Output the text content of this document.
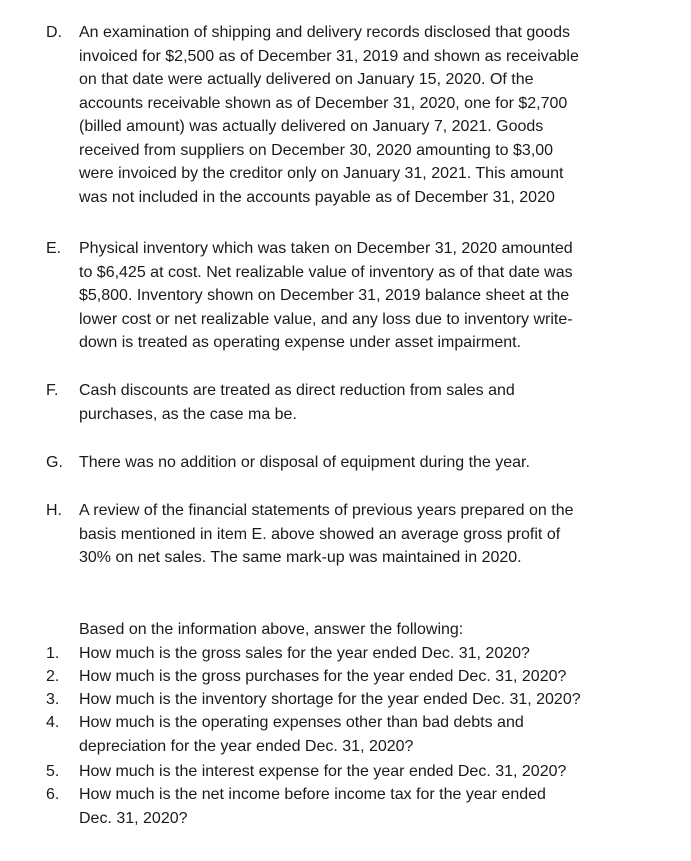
D.	An examination of shipping and delivery records disclosed that goods
invoiced for $2,500 as of December 31, 2019 and shown as receivable
on that date were actually delivered on January 15, 2020. Of the
accounts receivable shown as of December 31, 2020, one for $2,700
(billed amount) was actually delivered on January 7, 2021. Goods
received from suppliers on December 30, 2020 amounting to $3,00
were invoiced by the creditor only on January 31, 2021. This amount
was not included in the accounts payable as of December 31, 2020
E.	Physical inventory which was taken on December 31, 2020 amounted
to $6,425 at cost. Net realizable value of inventory as of that date was
$5,800. Inventory shown on December 31, 2019 balance sheet at the
lower cost or net realizable value, and any loss due to inventory write-
down is treated as operating expense under asset impairment.
F.	Cash discounts are treated as direct reduction from sales and
purchases, as the case ma be.
G.	There was no addition or disposal of equipment during the year.
H.	A review of the financial statements of previous years prepared on the
basis mentioned in item E. above showed an average gross profit of
30% on net sales. The same mark-up was maintained in 2020.
Based on the information above, answer the following:
1. How much is the gross sales for the year ended Dec. 31, 2020?
2. How much is the gross purchases for the year ended Dec. 31, 2020?
3. How much is the inventory shortage for the year ended Dec. 31, 2020?
4. How much is the operating expenses other than bad debts and
depreciation for the year ended Dec. 31, 2020?
5. How much is the interest expense for the year ended Dec. 31, 2020?
6. How much is the net income before income tax for the year ended
Dec. 31, 2020?
